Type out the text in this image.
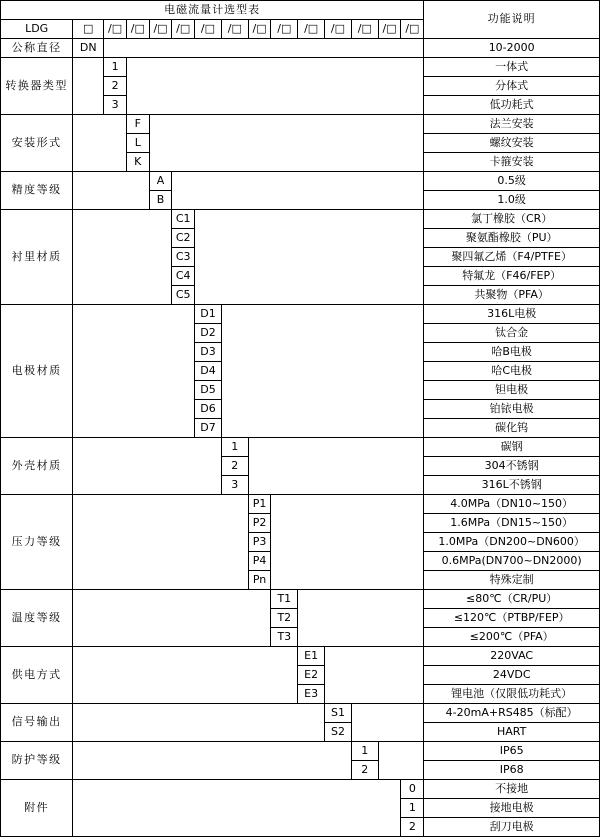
电磁流量计选型表															功能说明
LDG	□	/□	/□	/□	/□	/□	/□	/□	/□	/□	/□	/□	/□	/□	
公称直径	DN														10-2000
转换器类型		1													一体式
		2													分体式
		3													低功耗式
安装形式			F												法兰安装
			L												螺纹安装
			K												卡箍安装
精度等级				A											0.5级
				B											1.0级
衬里材质					C1										氯丁橡胶（CR）
					C2										聚氨酯橡胶（PU）
					C3										聚四氟乙烯（F4/PTFE）
					C4										特氟龙（F46/FEP）
					C5										共聚物（PFA）
电极材质						D1									316L电极
						D2									钛合金
						D3									哈B电极
						D4									哈C电极
						D5									钽电极
						D6									铂铱电极
						D7									碳化钨
外壳材质							1								碳钢
							2								304不锈钢
							3								316L不锈钢
压力等级								P1							4.0MPa（DN10~150）
								P2							1.6MPa（DN15~150）
								P3							1.0MPa（DN200~DN600）
								P4							0.6MPa(DN700~DN2000)
								Pn							特殊定制
温度等级									T1						≤80℃（CR/PU）
									T2						≤120℃（PTBP/FEP）
									T3						≤200℃（PFA）
供电方式										E1					220VAC
										E2					24VDC
										E3					锂电池（仅限低功耗式）
信号输出											S1				4-20mA+RS485（标配）
											S2				HART
防护等级												1			IP65
												2			IP68
附件														0	不接地
														1	接地电极
														2	刮刀电极
